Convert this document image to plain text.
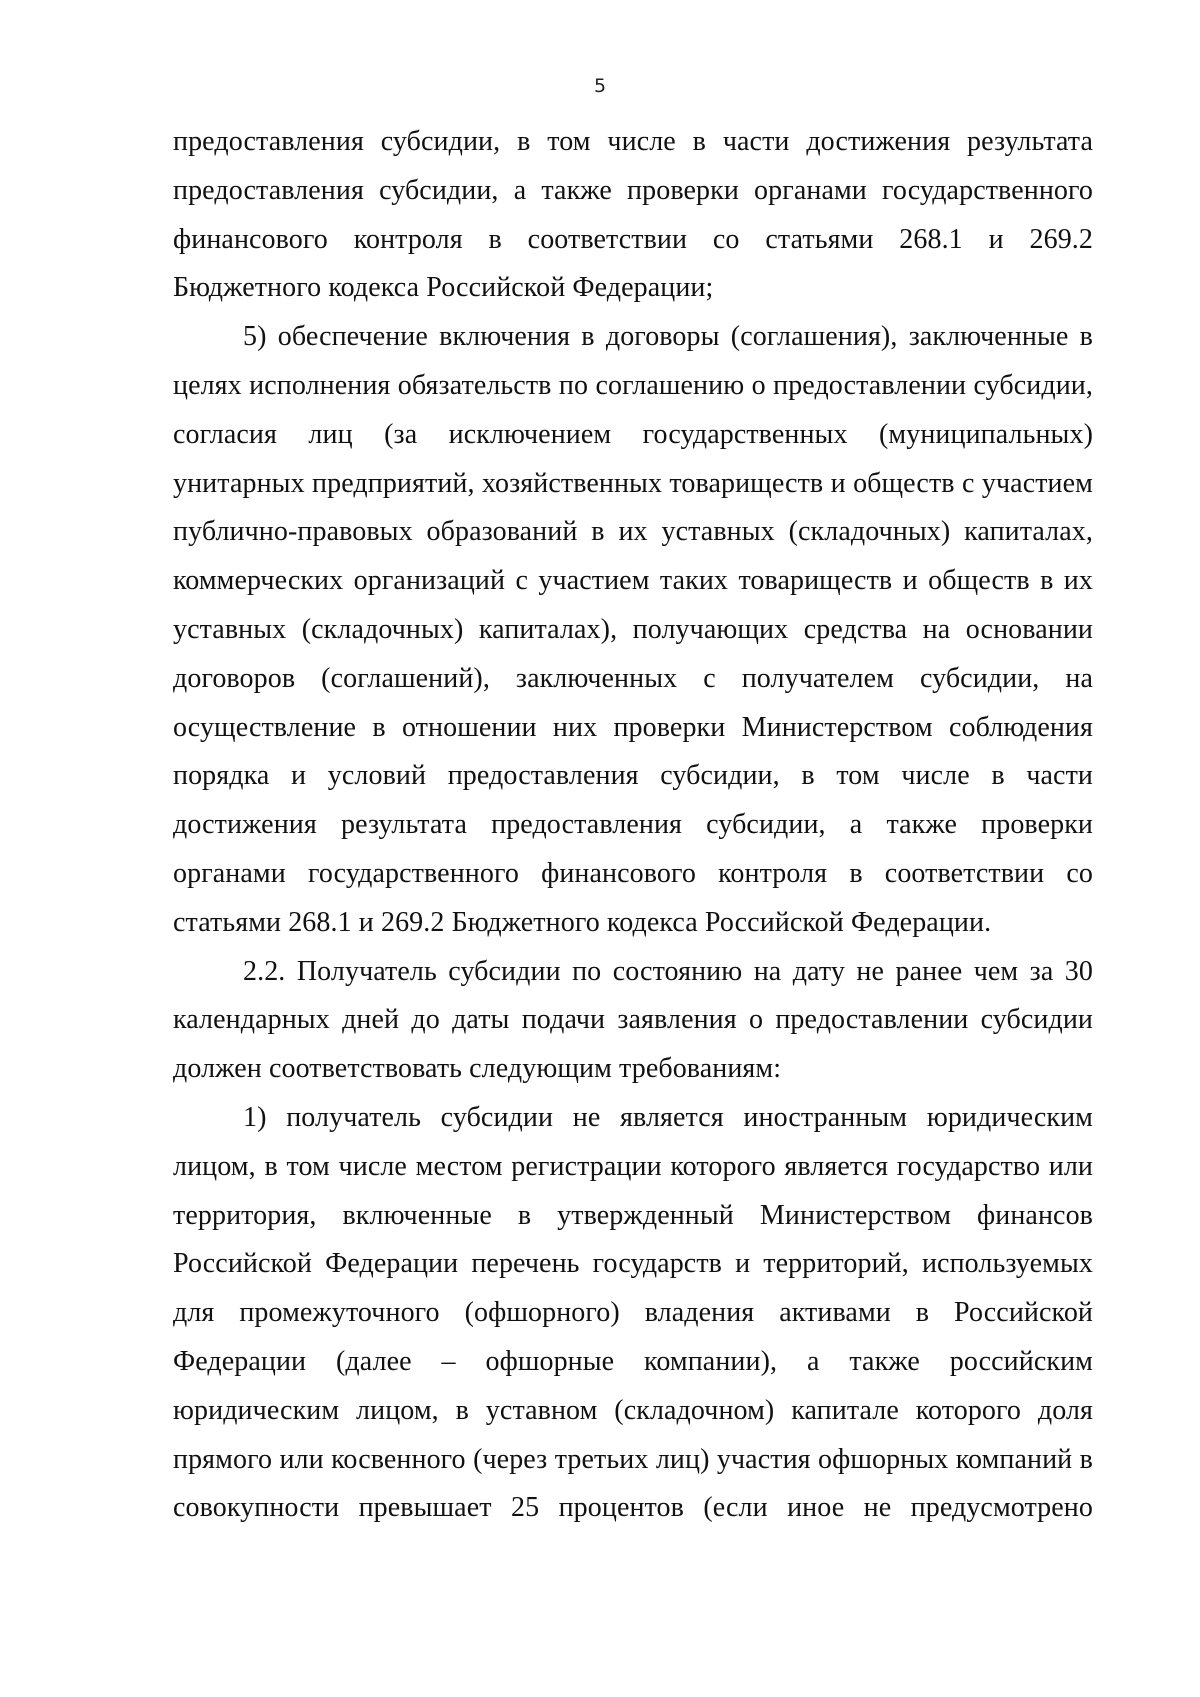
5

предоставления субсидии, в том числе в части достижения результата предоставления субсидии, а также проверки органами государственного финансового контроля в соответствии со статьями 268.1 и 269.2 Бюджетного кодекса Российской Федерации;

5) обеспечение включения в договоры (соглашения), заключенные в целях исполнения обязательств по соглашению о предоставлении субсидии, согласия лиц (за исключением государственных (муниципальных) унитарных предприятий, хозяйственных товариществ и обществ с участием публично-правовых образований в их уставных (складочных) капиталах, коммерческих организаций с участием таких товариществ и обществ в их уставных (складочных) капиталах), получающих средства на основании договоров (соглашений), заключенных с получателем субсидии, на осуществление в отношении них проверки Министерством соблюдения порядка и условий предоставления субсидии, в том числе в части достижения результата предоставления субсидии, а также проверки органами государственного финансового контроля в соответствии со статьями 268.1 и 269.2 Бюджетного кодекса Российской Федерации.

2.2. Получатель субсидии по состоянию на дату не ранее чем за 30 календарных дней до даты подачи заявления о предоставлении субсидии должен соответствовать следующим требованиям:

1) получатель субсидии не является иностранным юридическим лицом, в том числе местом регистрации которого является государство или территория, включенные в утвержденный Министерством финансов Российской Федерации перечень государств и территорий, используемых для промежуточного (офшорного) владения активами в Российской Федерации (далее – офшорные компании), а также российским юридическим лицом, в уставном (складочном) капитале которого доля прямого или косвенного (через третьих лиц) участия офшорных компаний в совокупности превышает 25 процентов (если иное не предусмотрено
